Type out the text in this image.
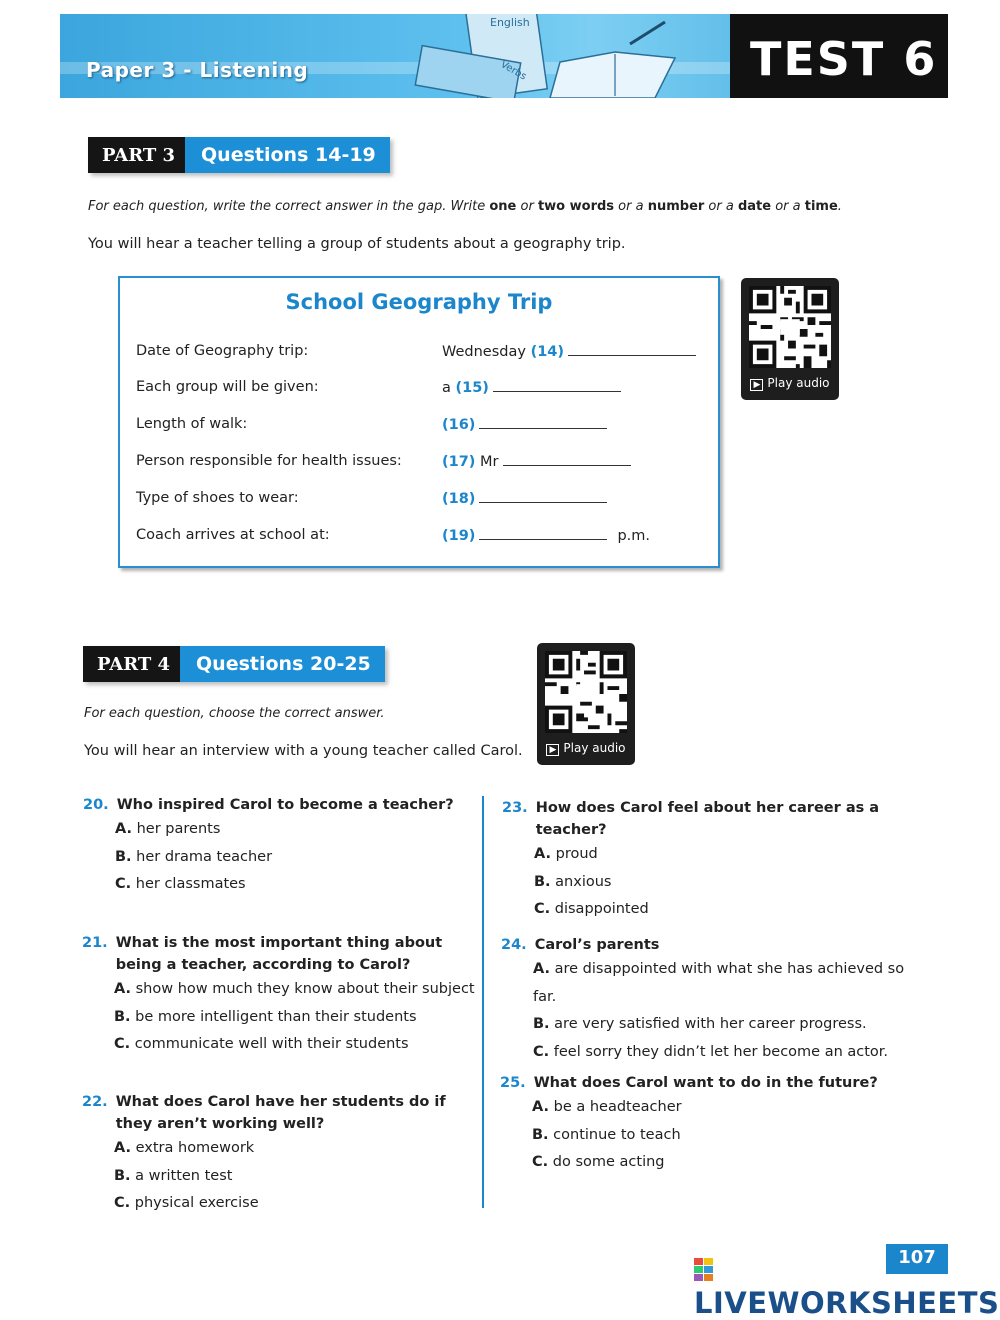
English
Verbs
Paper 3 - Listening	TEST 6
PART 3	Questions 14-19
For each question, write the correct answer in the gap. Write one or two words or a number or a date or a time.
You will hear a teacher telling a group of students about a geography trip.
School Geography Trip
Date of Geography trip:	Wednesday (14)
Each group will be given:	a (15)
Length of walk:	(16)
Person responsible for health issues:	(17) Mr
Type of shoes to wear:	(18)
Coach arrives at school at:	(19)	p.m.
▶ Play audio
PART 4	Questions 20-25
For each question, choose the correct answer.
You will hear an interview with a young teacher called Carol.	▶ Play audio
20. Who inspired Carol to become a teacher?
A. her parents
B. her drama teacher
C. her classmates
21. What is the most important thing about being a teacher, according to Carol?
A. show how much they know about their subject
B. be more intelligent than their students
C. communicate well with their students
22. What does Carol have her students do if they aren’t working well?
A. extra homework
B. a written test
C. physical exercise
23. How does Carol feel about her career as a teacher?
A. proud
B. anxious
C. disappointed
24. Carol’s parents
A. are disappointed with what she has achieved so far.
B. are very satisfied with her career progress.
C. feel sorry they didn’t let her become an actor.
25. What does Carol want to do in the future?
A. be a headteacher
B. continue to teach
C. do some acting
107
LIVEWORKSHEETS
